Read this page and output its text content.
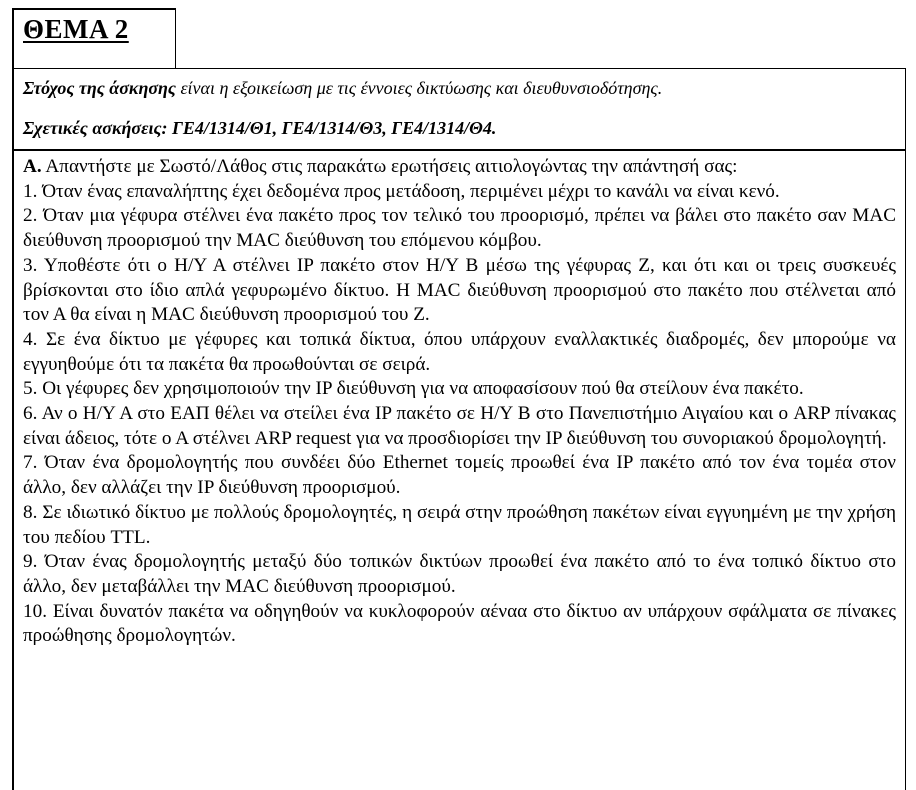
ΘΕΜΑ 2
Στόχος της άσκησης είναι η εξοικείωση με τις έννοιες δικτύωσης και διευθυνσιοδότησης.
Σχετικές ασκήσεις: ΓΕ4/1314/Θ1, ΓΕ4/1314/Θ3, ΓΕ4/1314/Θ4.
Α. Απαντήστε με Σωστό/Λάθος στις παρακάτω ερωτήσεις αιτιολογώντας την απάντησή σας:
1. Όταν ένας επαναλήπτης έχει δεδομένα προς μετάδοση, περιμένει μέχρι το κανάλι να είναι κενό.
2. Όταν μια γέφυρα στέλνει ένα πακέτο προς τον τελικό του προορισμό, πρέπει να βάλει στο πακέτο σαν MAC διεύθυνση προορισμού την MAC διεύθυνση του επόμενου κόμβου.
3. Υποθέστε ότι ο Η/Υ Α στέλνει IP πακέτο στον Η/Υ Β μέσω της γέφυρας Ζ, και ότι και οι τρεις συσκευές βρίσκονται στο ίδιο απλά γεφυρωμένο δίκτυο. Η MAC διεύθυνση προορισμού στο πακέτο που στέλνεται από τον Α θα είναι η MAC διεύθυνση προορισμού του Ζ.
4. Σε ένα δίκτυο με γέφυρες και τοπικά δίκτυα, όπου υπάρχουν εναλλακτικές διαδρομές, δεν μπορούμε να εγγυηθούμε ότι τα πακέτα θα προωθούνται σε σειρά.
5. Οι γέφυρες δεν χρησιμοποιούν την IP διεύθυνση για να αποφασίσουν πού θα στείλουν ένα πακέτο.
6. Αν ο Η/Υ Α στο ΕΑΠ θέλει να στείλει ένα IP πακέτο σε Η/Υ Β στο Πανεπιστήμιο Αιγαίου και ο ARP πίνακας είναι άδειος, τότε ο Α στέλνει ARP request για να προσδιορίσει την IP διεύθυνση του συνοριακού δρομολογητή.
7. Όταν ένα δρομολογητής που συνδέει δύο Ethernet τομείς προωθεί ένα IP πακέτο από τον ένα τομέα στον άλλο, δεν αλλάζει την IP διεύθυνση προορισμού.
8. Σε ιδιωτικό δίκτυο με πολλούς δρομολογητές, η σειρά στην προώθηση πακέτων είναι εγγυημένη με την χρήση του πεδίου TTL.
9. Όταν ένας δρομολογητής μεταξύ δύο τοπικών δικτύων προωθεί ένα πακέτο από το ένα τοπικό δίκτυο στο άλλο, δεν μεταβάλλει την MAC διεύθυνση προορισμού.
10. Είναι δυνατόν πακέτα να οδηγηθούν να κυκλοφορούν αέναα στο δίκτυο αν υπάρχουν σφάλματα σε πίνακες προώθησης δρομολογητών.
